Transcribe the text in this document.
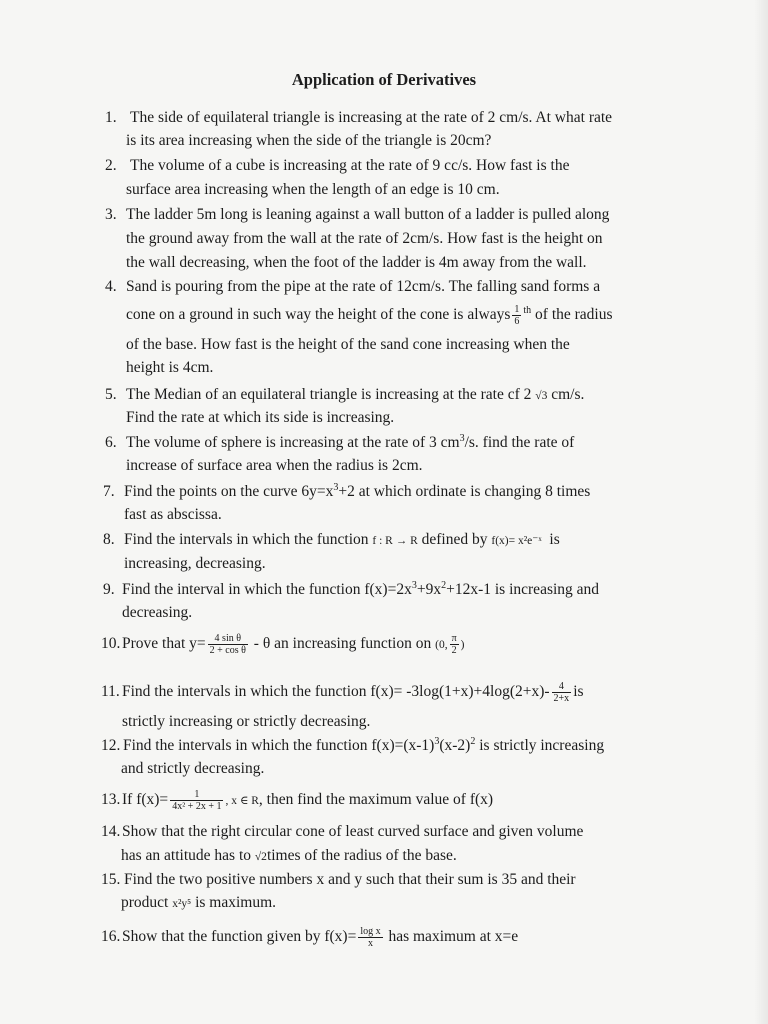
Application of Derivatives
1. The side of equilateral triangle is increasing at the rate of 2 cm/s. At what rate
is its area increasing when the side of the triangle is 20cm?
2. The volume of a cube is increasing at the rate of 9 cc/s. How fast is the
surface area increasing when the length of an edge is 10 cm.
3. The ladder 5m long is leaning against a wall button of a ladder is pulled along
the ground away from the wall at the rate of 2cm/s. How fast is the height on
the wall decreasing, when the foot of the ladder is 4m away from the wall.
4. Sand is pouring from the pipe at the rate of 12cm/s. The falling sand forms a
cone on a ground in such way the height of the cone is always $\frac{1}{6} ^{th}$ of the radius
of the base. How fast is the height of the sand cone increasing when the
height is 4cm.
5. The Median of an equilateral triangle is increasing at the rate cf 2 √3 cm/s.
Find the rate at which its side is increasing.
6. The volume of sphere is increasing at the rate of 3 $cm^3/s$. find the rate of
increase of surface area when the radius is 2cm.
7. Find the points on the curve $6y=x^3+2$ at which ordinate is changing 8 times
fast as abscissa.
8. Find the intervals in which the function f : R → R defined by f(x)= x²e⁻ˣ is
increasing, decreasing.
9. Find the interval in which the function $f(x)=2x^3+9x^2+12x-1$ is increasing and
decreasing.
10. Prove that $y= \frac{\text{4 sin θ}}{\text{2 + cos θ}} - \theta$ an increasing function on (0, $\frac{\pi}{2}$ )
11. Find the intervals in which the function $f(x)= -3\log(1+x)+4\log(2+x)- \frac{4}{2+x}$ is
strictly increasing or strictly decreasing.
12. Find the intervals in which the function $f(x)=(x-1)^3(x-2)^2$ is strictly increasing
and strictly decreasing.
13. If $f(x)= \frac{1}{\text{4x² + 2x + 1}}$ , x ∈ R, then find the maximum value of f(x)
14. Show that the right circular cone of least curved surface and given volume
has an attitude has to √2times of the radius of the base.
15. Find the two positive numbers x and y such that their sum is 35 and their
product x²y⁵ is maximum.
16. Show that the function given by $f(x)= \frac{\text{log x}}{x}$ has maximum at x=e
